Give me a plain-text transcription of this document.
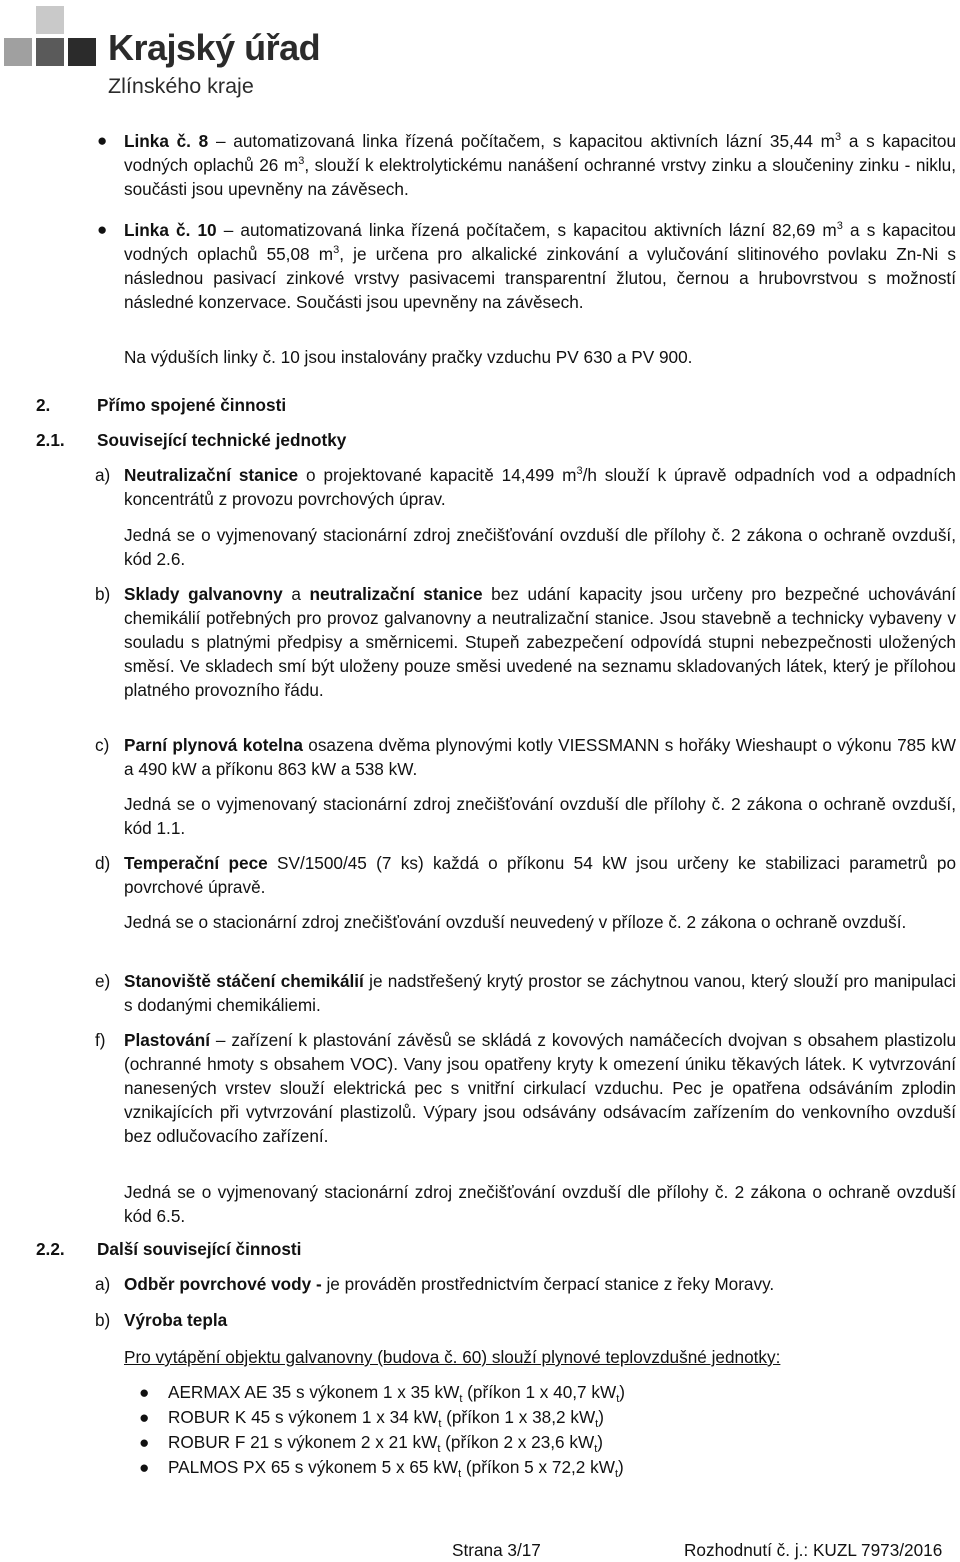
Krajský úřad
Zlínského kraje
● Linka č. 8 – automatizovaná linka řízená počítačem, s kapacitou aktivních lázní 35,44 $m^3$ a s kapacitou vodných oplachů 26 $m^3$, slouží k elektrolytickému nanášení ochranné vrstvy zinku a sloučeniny zinku - niklu, součásti jsou upevněny na závěsech.
● Linka č. 10 – automatizovaná linka řízená počítačem, s kapacitou aktivních lázní 82,69 $m^3$ a s kapacitou vodných oplachů 55,08 $m^3$, je určena pro alkalické zinkování a vylučování slitinového povlaku Zn-Ni s následnou pasivací zinkové vrstvy pasivacemi transparentní žlutou, černou a hrubovrstvou s možností následné konzervace. Součásti jsou upevněny na závěsech.
Na výduších linky č. 10 jsou instalovány pračky vzduchu PV 630 a PV 900.
2.	Přímo spojené činnosti
2.1. Související technické jednotky
a) Neutralizační stanice o projektované kapacitě 14,499 $m^3/h$ slouží k úpravě odpadních vod a odpadních koncentrátů z provozu povrchových úprav.
Jedná se o vyjmenovaný stacionární zdroj znečišťování ovzduší dle přílohy č. 2 zákona o ochraně ovzduší, kód 2.6.
b) Sklady galvanovny a neutralizační stanice bez udání kapacity jsou určeny pro bezpečné uchovávání chemikálií potřebných pro provoz galvanovny a neutralizační stanice. Jsou stavebně a technicky vybaveny v souladu s platnými předpisy a směrnicemi. Stupeň zabezpečení odpovídá stupni nebezpečnosti uložených směsí. Ve skladech smí být uloženy pouze směsi uvedené na seznamu skladovaných látek, který je přílohou platného provozního řádu.
c) Parní plynová kotelna osazena dvěma plynovými kotly VIESSMANN s hořáky Wieshaupt o výkonu 785 kW a 490 kW a příkonu 863 kW a 538 kW.
Jedná se o vyjmenovaný stacionární zdroj znečišťování ovzduší dle přílohy č. 2 zákona o ochraně ovzduší, kód 1.1.
d) Temperační pece SV/1500/45 (7 ks) každá o příkonu 54 kW jsou určeny ke stabilizaci parametrů po povrchové úpravě.
Jedná se o stacionární zdroj znečišťování ovzduší neuvedený v příloze č. 2 zákona o ochraně ovzduší.
e) Stanoviště stáčení chemikálií je nadstřešený krytý prostor se záchytnou vanou, který slouží pro manipulaci s dodanými chemikáliemi.
f) Plastování – zařízení k plastování závěsů se skládá z kovových namáčecích dvojvan s obsahem plastizolu (ochranné hmoty s obsahem VOC). Vany jsou opatřeny kryty k omezení úniku těkavých látek. K vytvrzování nanesených vrstev slouží elektrická pec s vnitřní cirkulací vzduchu. Pec je opatřena odsáváním zplodin vznikajících při vytvrzování plastizolů. Výpary jsou odsávány odsávacím zařízením do venkovního ovzduší bez odlučovacího zařízení.
Jedná se o vyjmenovaný stacionární zdroj znečišťování ovzduší dle přílohy č. 2 zákona o ochraně ovzduší kód 6.5.
2.2. Další související činnosti
a) Odběr povrchové vody - je prováděn prostřednictvím čerpací stanice z řeky Moravy.
b) Výroba tepla
Pro vytápění objektu galvanovny (budova č. 60) slouží plynové teplovzdušné jednotky:
● AERMAX AE 35 s výkonem 1 x 35 $kW_t$ (příkon 1 x 40,7 $kW_t$)
● ROBUR K 45 s výkonem 1 x 34 $kW_t$ (příkon 1 x 38,2 $kW_t$)
● ROBUR F 21 s výkonem 2 x 21 $kW_t$ (příkon 2 x 23,6 $kW_t$)
● PALMOS PX 65 s výkonem 5 x 65 $kW_t$ (příkon 5 x 72,2 $kW_t$)
Strana 3/17	Rozhodnutí č. j.: KUZL 7973/2016
